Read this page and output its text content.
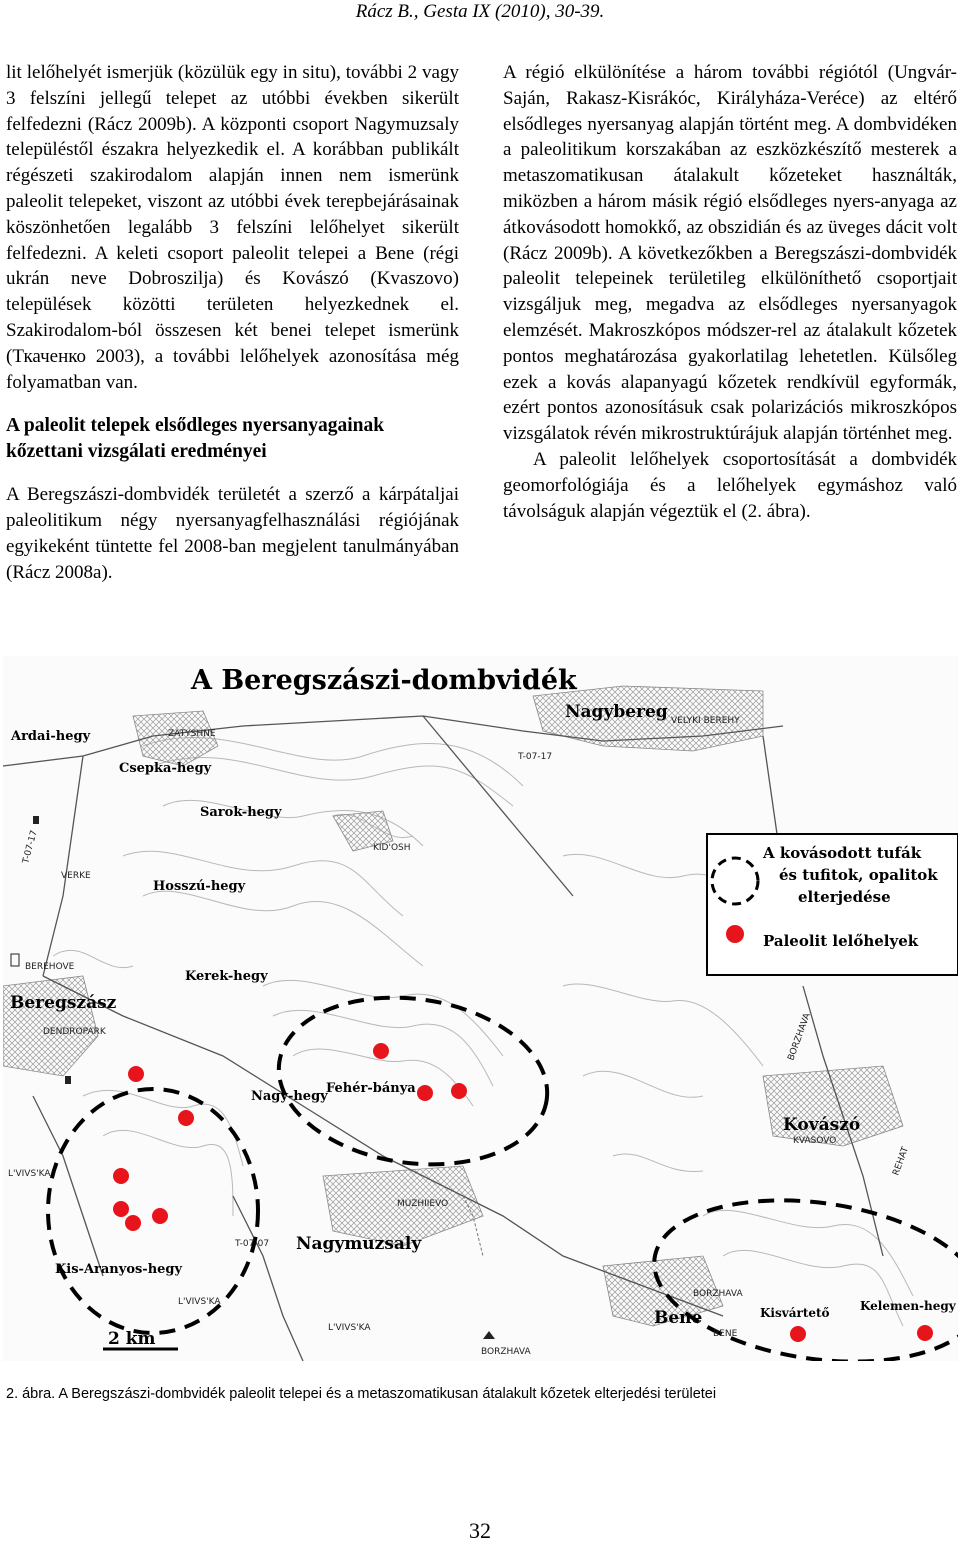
Rácz B., Gesta IX (2010), 30-39.

lit lelőhelyét ismerjük (közülük egy in situ), további 2 vagy 3 felszíni jellegű telepet az utóbbi években sikerült felfedezni (Rácz 2009b). A központi csoport Nagymuzsaly településtől északra helyezkedik el. A korábban publikált régészeti szakirodalom alapján innen nem ismerünk paleolit telepeket, viszont az utóbbi évek terepbejárásainak köszönhetően legalább 3 felszíni lelőhelyet sikerült felfedezni. A keleti csoport paleolit telepei a Bene (régi ukrán neve Dobroszilja) és Kovászó (Kvaszovo) települések közötti területen helyezkednek el. Szakirodalom-ból összesen két benei telepet ismerünk (Ткаченко 2003), a további lelőhelyek azonosítása még folyamatban van.

A paleolit telepek elsődleges nyersanyagainak kőzettani vizsgálati eredményei

A Beregszászi-dombvidék területét a szerző a kárpátaljai paleolitikum négy nyersanyagfelhasználási régiójának egyikeként tüntette fel 2008-ban megjelent tanulmányában (Rácz 2008a).

A régió elkülönítése a három további régiótól (Ungvár-Saján, Rakasz-Kisrákóc, Királyháza-Veréce) az eltérő elsődleges nyersanyag alapján történt meg. A dombvidéken a paleolitikum korszakában az eszközkészítő mesterek a metaszomatikusan átalakult kőzeteket használták, miközben a három másik régió elsődleges nyers-anyaga az átkovásodott homokkő, az obszidián és az üveges dácit volt (Rácz 2009b). A következőkben a Beregszászi-dombvidék paleolit telepeinek területileg elkülöníthető csoportjait vizsgáljuk meg, megadva az elsődleges nyersanyagok elemzését. Makroszkópos módszer-rel az átalakult kőzetek pontos meghatározása gyakorlatilag lehetetlen. Külsőleg ezek a kovás alapanyagú kőzetek rendkívül egyformák, ezért pontos azonosításuk csak polarizációs mikroszkópos vizsgálatok révén mikrostruktúrájuk alapján történhet meg.

A paleolit lelőhelyek csoportosítását a dombvidék geomorfológiája és a lelőhelyek egymáshoz való távolságuk alapján végeztük el (2. ábra).

A Beregszászi-dombvidék
A kovásodott tufák és tufitok, opalitok elterjedése
Paleolit lelőhelyek
Ardai-hegy
Csepka-hegy
Sarok-hegy
Hosszú-hegy
Kerek-hegy
Beregszász
Nagy-hegy
Fehér-bánya
Nagybereg
Kovászó
Nagymuzsaly
Kis-Aranyos-hegy
Bene	Kisvártető	Kelemen-hegy
ZATYSHNE
VELYKI BEREHY
KID'OSH
VERKE
BEREHOVE
DENDROPARK
KVASOVO
MUZHIIEVO
L'VIVS'KA
L'VIVS'KA
L'VIVS'KA
BENE
BORZHAVA
BORZHAVA
BORZHAVA
REHAT
T-07-17
T-07-17
T-07-07
2 km
2. ábra. A Beregszászi-dombvidék paleolit telepei és a metaszomatikusan átalakult kőzetek elterjedési területei
32
